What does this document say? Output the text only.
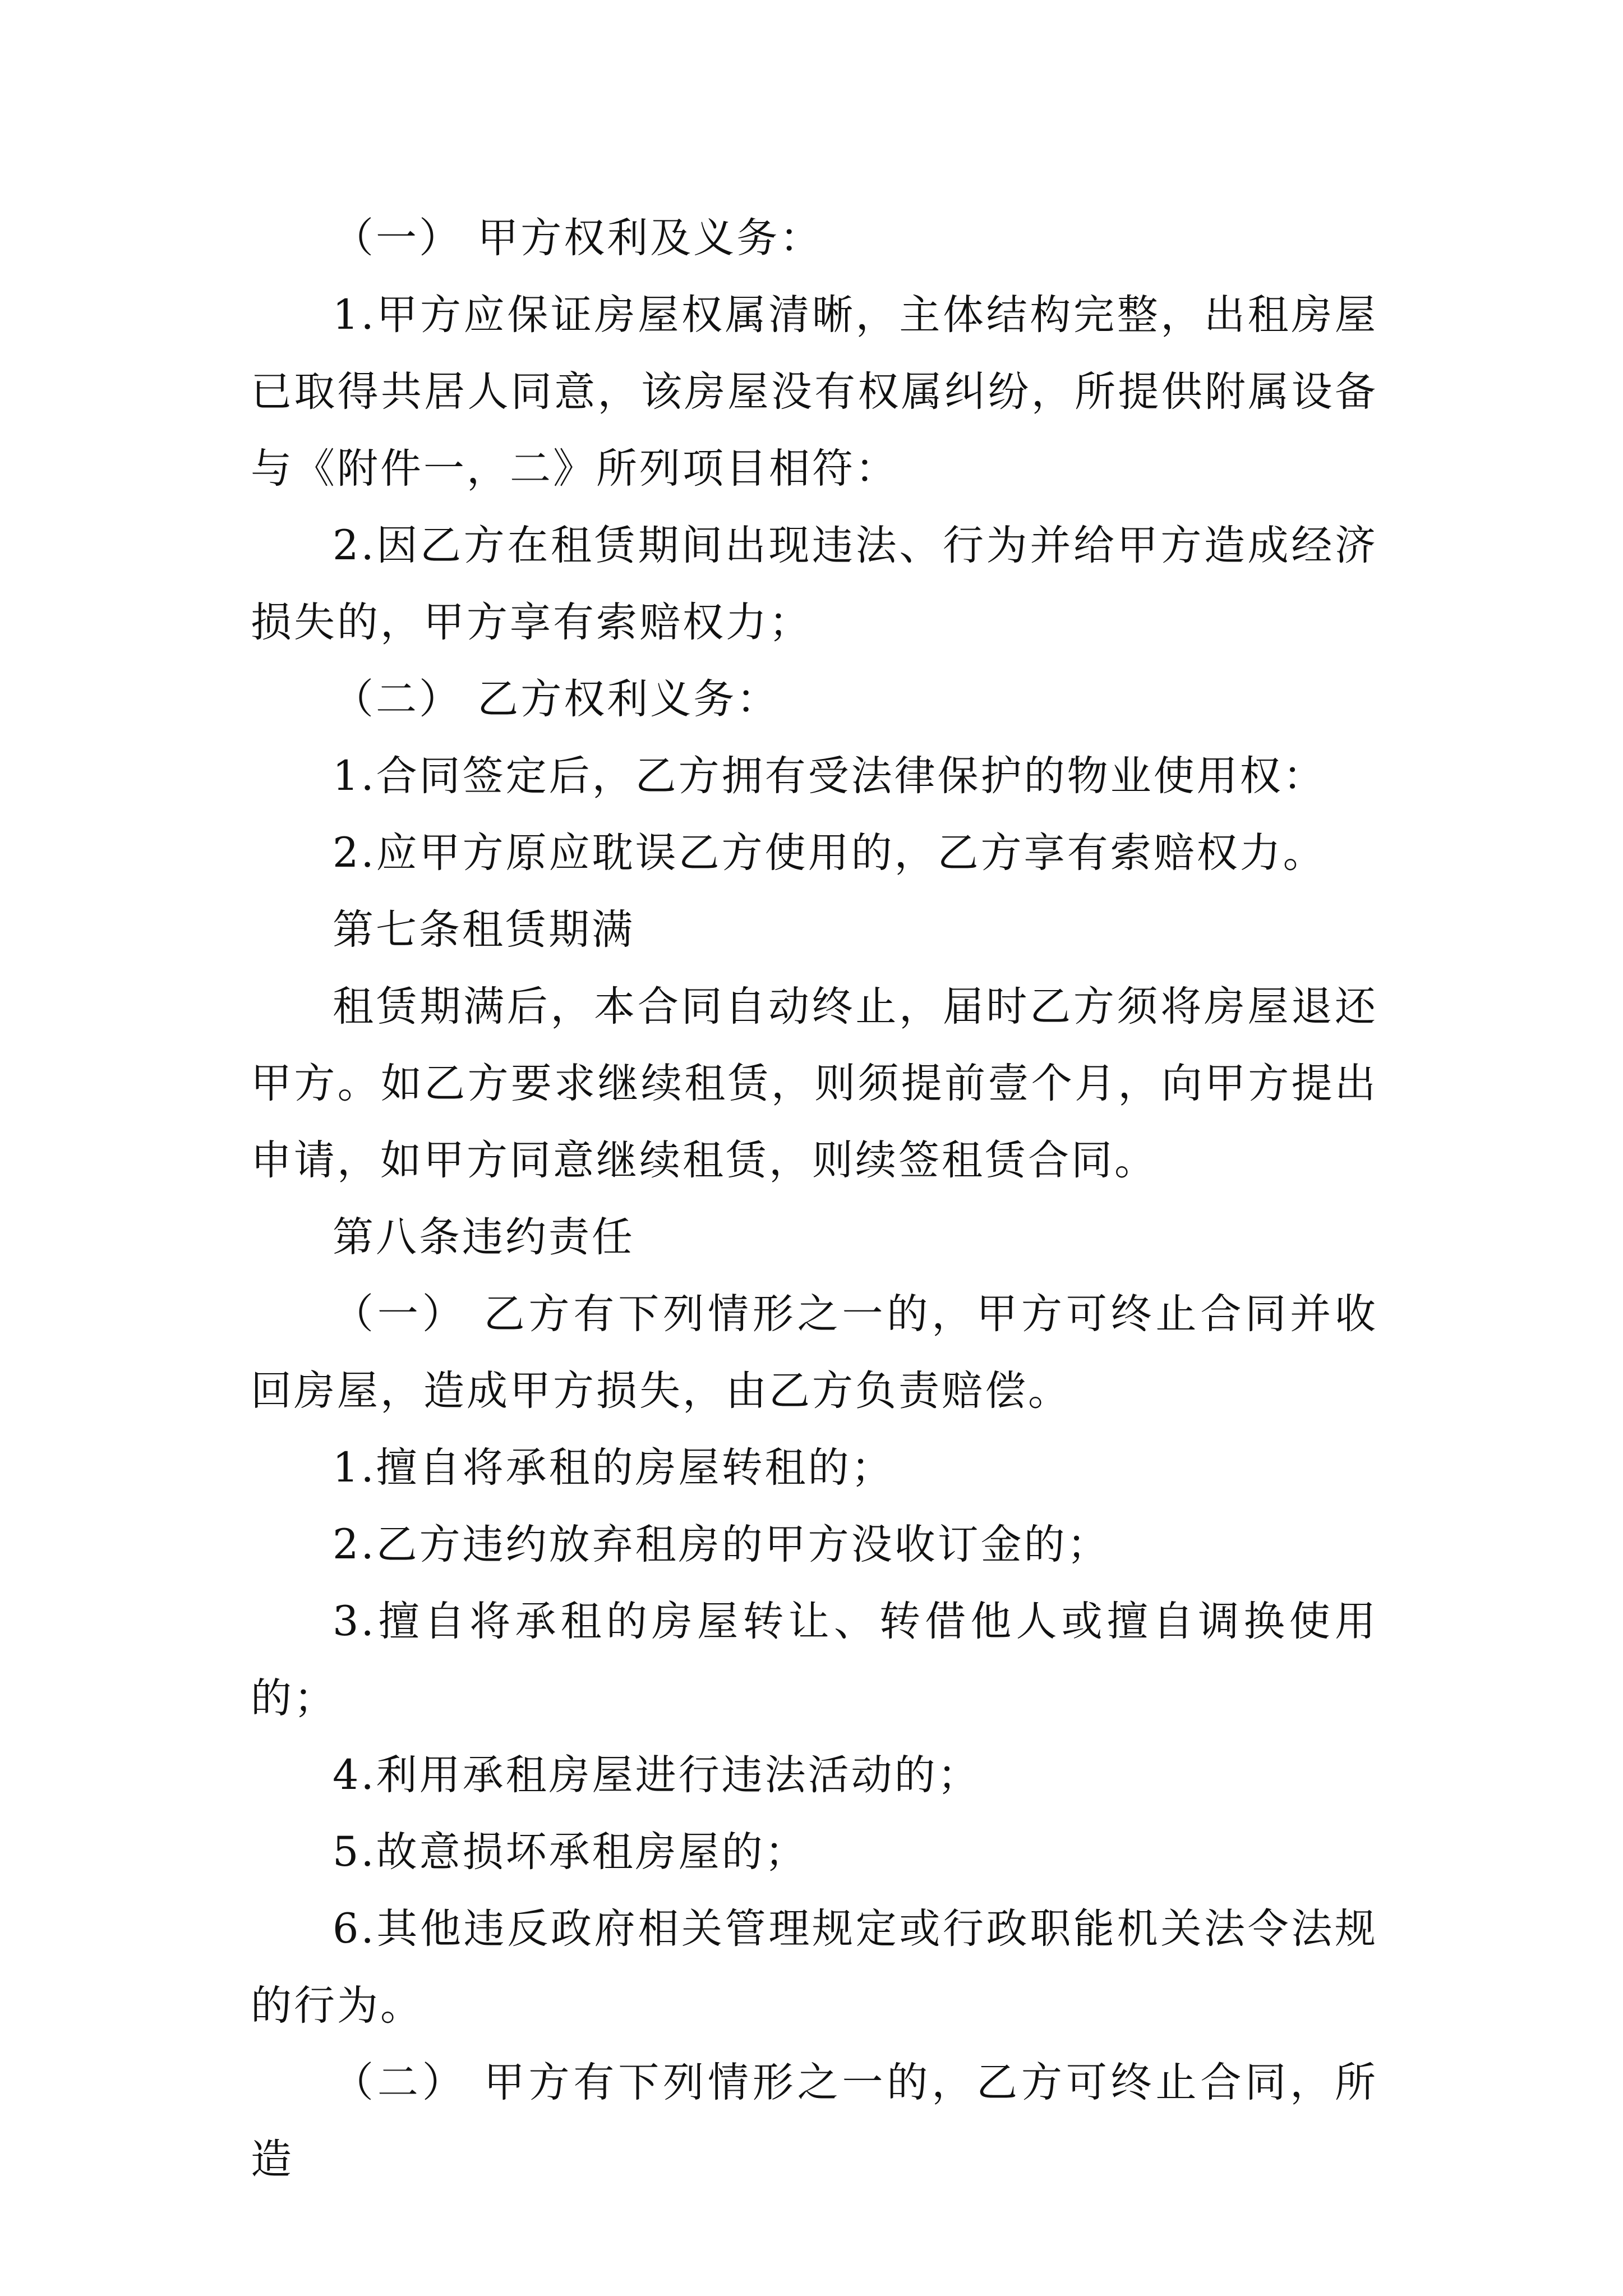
（一） 甲方权利及义务：

1.甲方应保证房屋权属清晰，主体结构完整，出租房屋已取得共居人同意，该房屋没有权属纠纷，所提供附属设备与《附件一，二》所列项目相符：

2.因乙方在租赁期间出现违法、行为并给甲方造成经济损失的，甲方享有索赔权力；

（二） 乙方权利义务：

1.合同签定后，乙方拥有受法律保护的物业使用权：

2.应甲方原应耽误乙方使用的，乙方享有索赔权力。

第七条租赁期满

租赁期满后，本合同自动终止，届时乙方须将房屋退还甲方。如乙方要求继续租赁，则须提前壹个月，向甲方提出申请，如甲方同意继续租赁，则续签租赁合同。

第八条违约责任

（一） 乙方有下列情形之一的，甲方可终止合同并收回房屋，造成甲方损失，由乙方负责赔偿。

1.擅自将承租的房屋转租的；

2.乙方违约放弃租房的甲方没收订金的；

3.擅自将承租的房屋转让、转借他人或擅自调换使用的；

4.利用承租房屋进行违法活动的；

5.故意损坏承租房屋的；

6.其他违反政府相关管理规定或行政职能机关法令法规的行为。

（二） 甲方有下列情形之一的，乙方可终止合同，所造
